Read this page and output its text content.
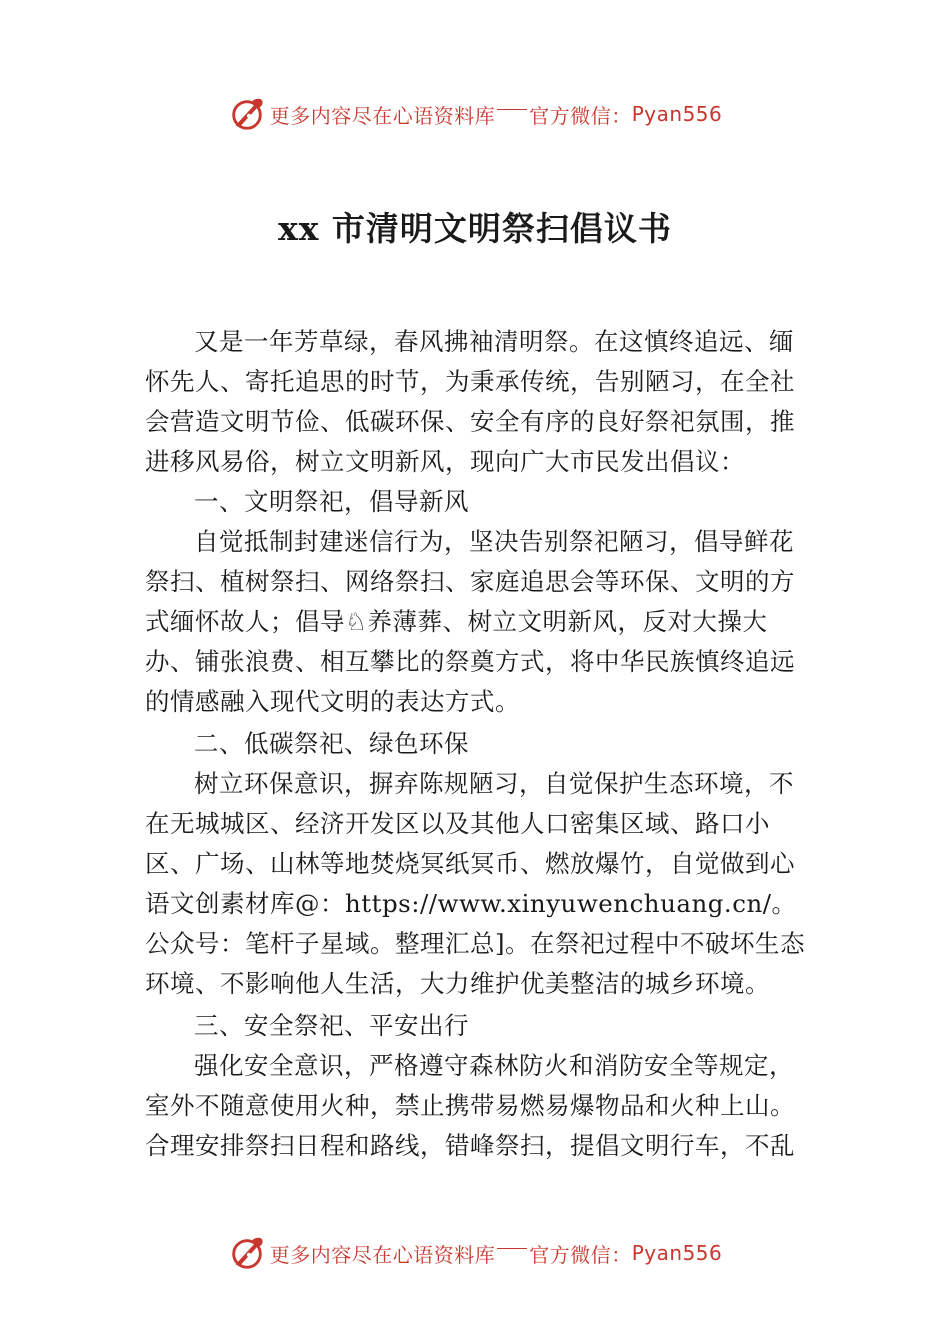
更多内容尽在心语资料库 官方微信： Pyan556
xx 市清明文明祭扫倡议书

又是一年芳草绿，春风拂袖清明祭。在这慎终追远、缅怀先人、寄托追思的时节，为秉承传统，告别陋习，在全社会营造文明节俭、低碳环保、安全有序的良好祭祀氛围，推进移风易俗，树立文明新风，现向广大市民发出倡议：

一、文明祭祀，倡导新风

自觉抵制封建迷信行为，坚决告别祭祀陋习，倡导鲜花祭扫、植树祭扫、网络祭扫、家庭追思会等环保、文明的方式缅怀故人；倡导♘养薄葬、树立文明新风，反对大操大办、铺张浪费、相互攀比的祭奠方式，将中华民族慎终追远的情感融入现代文明的表达方式。

二、低碳祭祀、绿色环保

树立环保意识，摒弃陈规陋习，自觉保护生态环境，不在无城城区、经济开发区以及其他人口密集区域、路口小区、广场、山林等地焚烧冥纸冥币、燃放爆竹，自觉做到心语文创素材库@：https://www.xinyuwenchuang.cn/。公众号：笔杆子星域。整理汇总]。在祭祀过程中不破坏生态环境、不影响他人生活，大力维护优美整洁的城乡环境。

三、安全祭祀、平安出行

强化安全意识，严格遵守森林防火和消防安全等规定，室外不随意使用火种，禁止携带易燃易爆物品和火种上山。 合理安排祭扫日程和路线，错峰祭扫，提倡文明行车，不乱

更多内容尽在心语资料库 官方微信： Pyan556
